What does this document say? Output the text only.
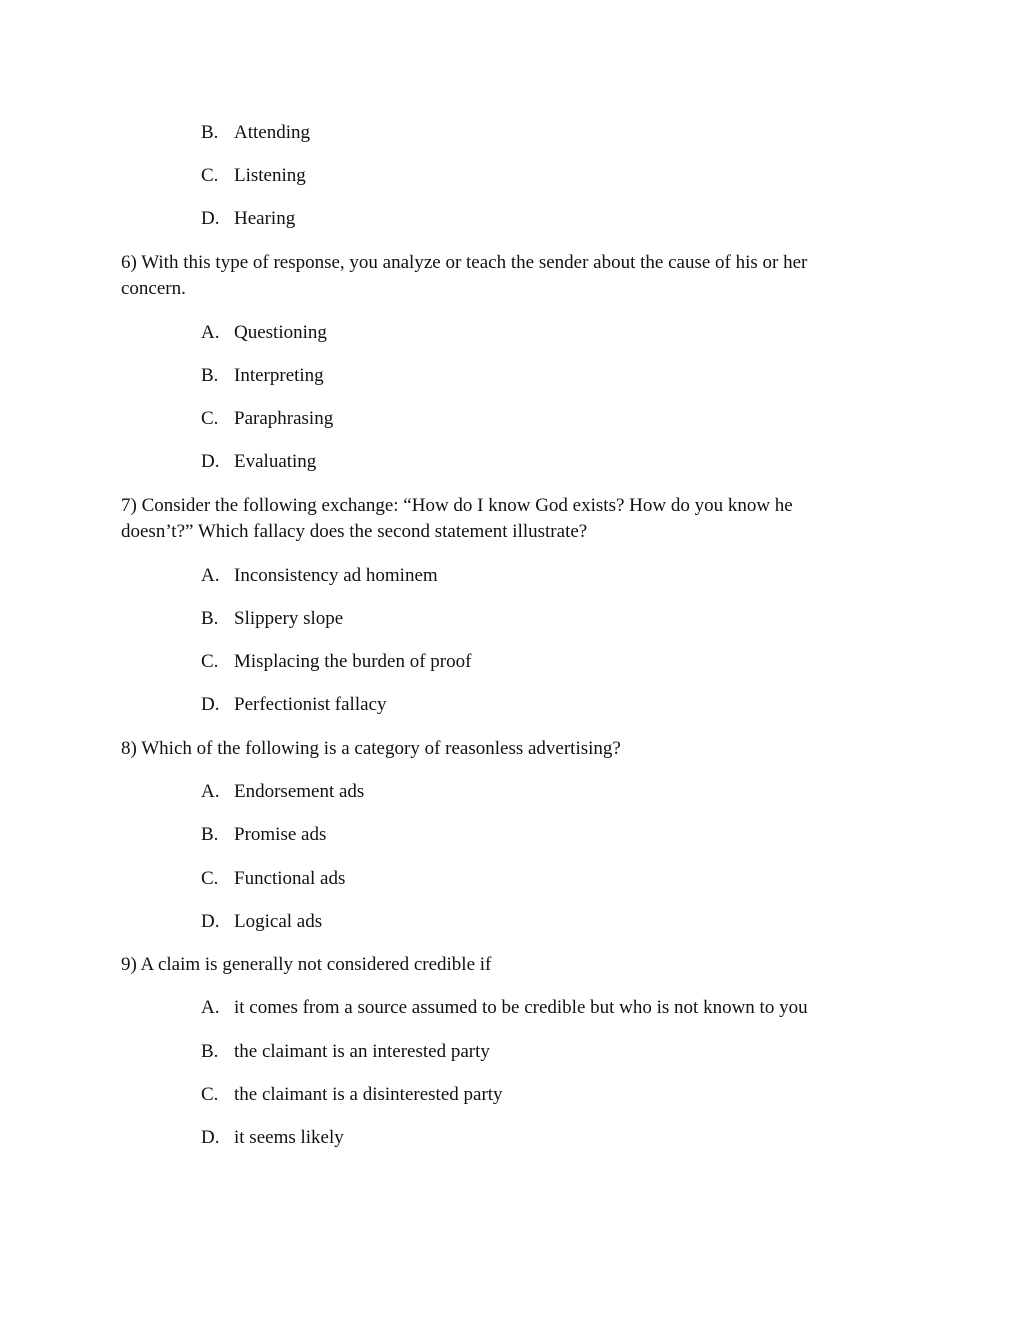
B. Attending
C. Listening
D. Hearing
6) With this type of response, you analyze or teach the sender about the cause of his or her
concern.
A. Questioning
B. Interpreting
C. Paraphrasing
D. Evaluating
7) Consider the following exchange: “How do I know God exists? How do you know he
doesn’t?” Which fallacy does the second statement illustrate?
A. Inconsistency ad hominem
B. Slippery slope
C. Misplacing the burden of proof
D. Perfectionist fallacy
8) Which of the following is a category of reasonless advertising?
A. Endorsement ads
B. Promise ads
C. Functional ads
D. Logical ads
9) A claim is generally not considered credible if
A. it comes from a source assumed to be credible but who is not known to you
B. the claimant is an interested party
C. the claimant is a disinterested party
D. it seems likely
